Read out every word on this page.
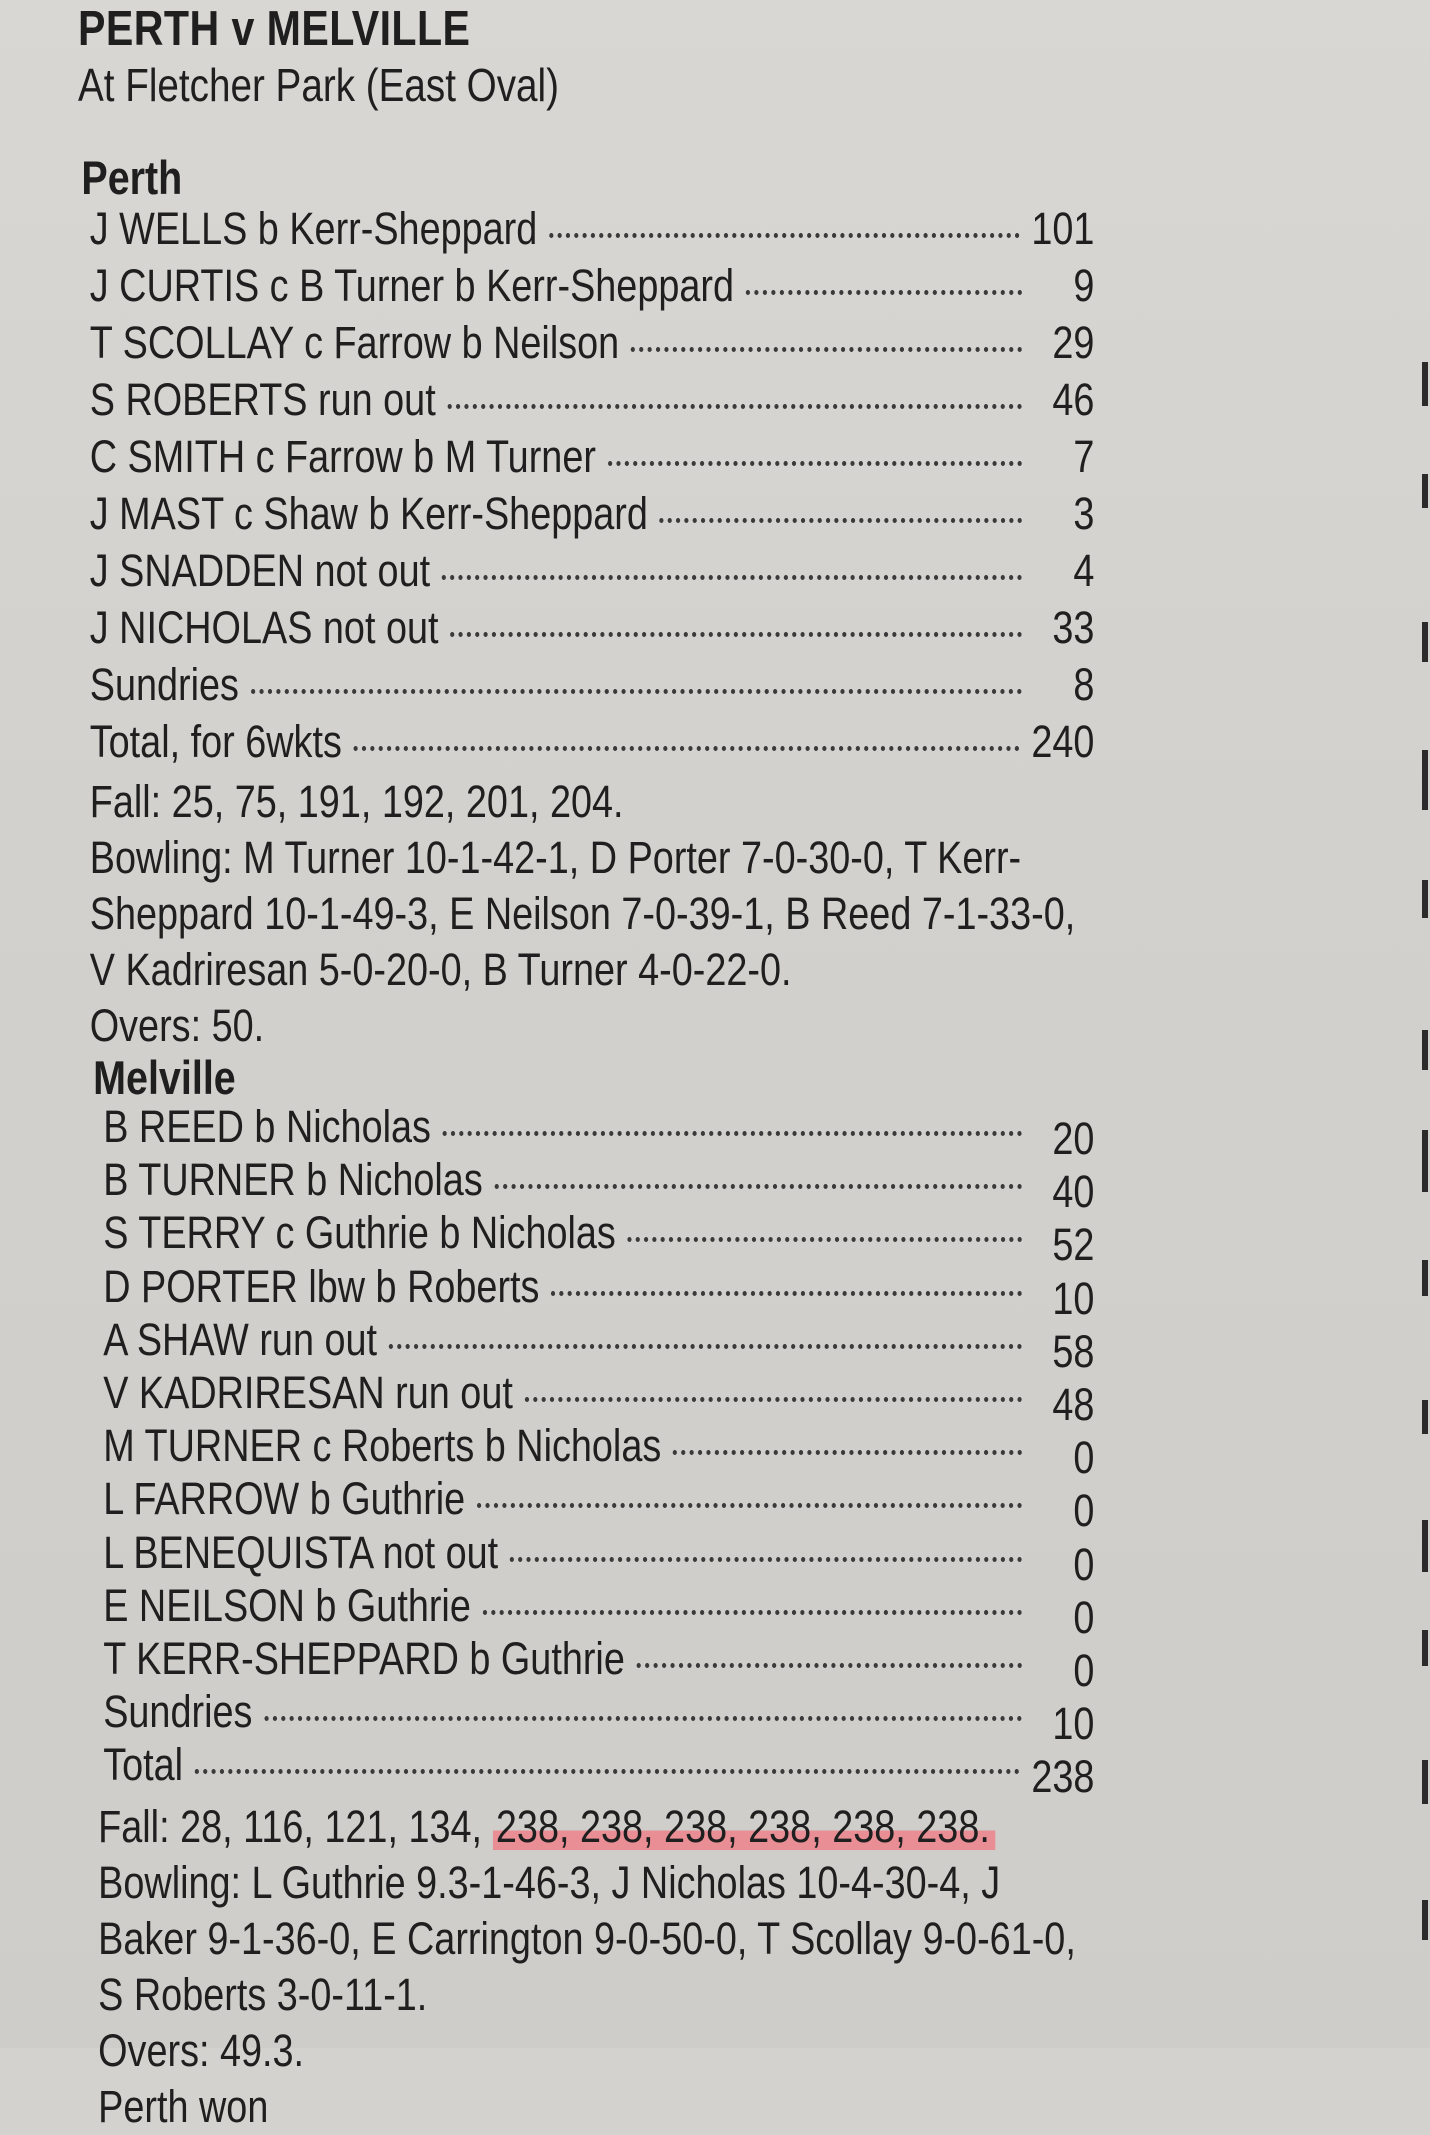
PERTH v MELVILLE

At Fletcher Park (East Oval)

Perth
J WELLS b Kerr-Sheppard	101
J CURTIS c B Turner b Kerr-Sheppard	9
T SCOLLAY c Farrow b Neilson	29
S ROBERTS run out	46
C SMITH c Farrow b M Turner	7
J MAST c Shaw b Kerr-Sheppard	3
J SNADDEN not out	4
J NICHOLAS not out	33
Sundries	8
Total, for 6wkts	240

Fall: 25, 75, 191, 192, 201, 204.

Bowling: M Turner 10-1-42-1, D Porter 7-0-30-0, T Kerr-Sheppard 10-1-49-3, E Neilson 7-0-39-1, B Reed 7-1-33-0, V Kadriresan 5-0-20-0, B Turner 4-0-22-0.

Overs: 50.

Melville
B REED b Nicholas	20
B TURNER b Nicholas	40
S TERRY c Guthrie b Nicholas	52
D PORTER lbw b Roberts	10
A SHAW run out	58
V KADRIRESAN run out	48
M TURNER c Roberts b Nicholas	0
L FARROW b Guthrie	0
L BENEQUISTA not out	0
E NEILSON b Guthrie	0
T KERR-SHEPPARD b Guthrie	0
Sundries	10
Total	238

Fall: 28, 116, 121, 134, 238, 238, 238, 238, 238, 238.

Bowling: L Guthrie 9.3-1-46-3, J Nicholas 10-4-30-4, J Baker 9-1-36-0, E Carrington 9-0-50-0, T Scollay 9-0-61-0, S Roberts 3-0-11-1.

Overs: 49.3.

Perth won
